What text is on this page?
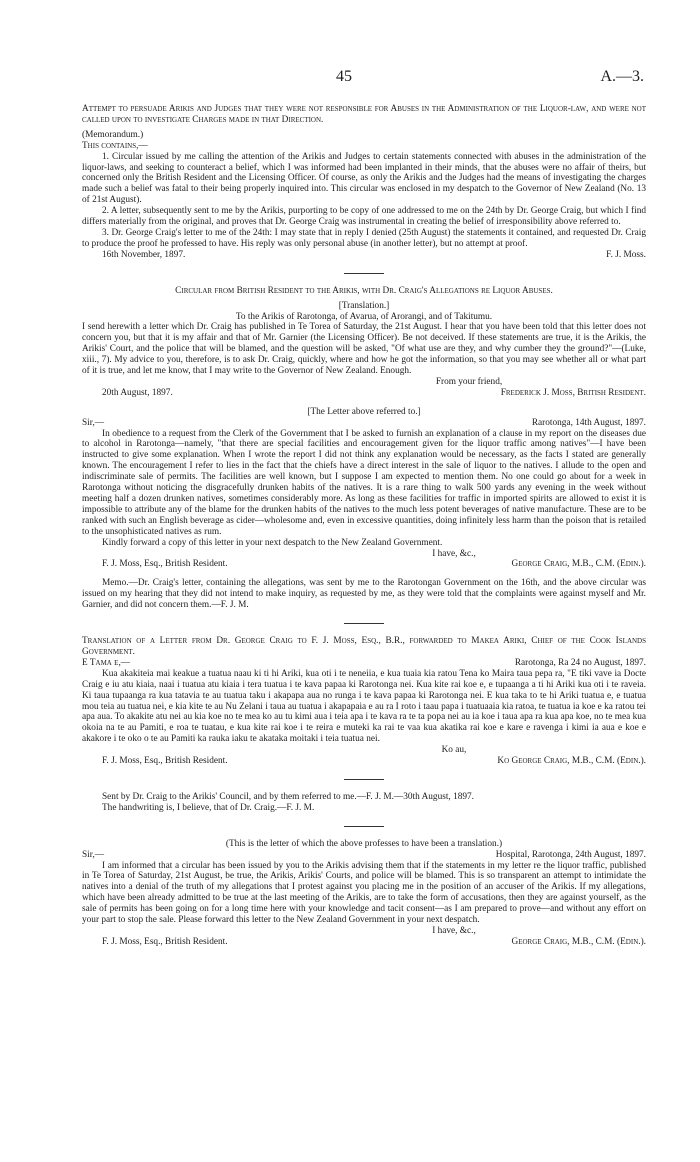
45	A.—3.

Attempt to persuade Arikis and Judges that they were not responsible for Abuses in the Administration of the Liquor-law, and were not called upon to investigate Charges made in that Direction.

(Memorandum.)

This contains,—

1. Circular issued by me calling the attention of the Arikis and Judges to certain statements connected with abuses in the administration of the liquor-laws, and seeking to counteract a belief, which I was informed had been implanted in their minds, that the abuses were no affair of theirs, but concerned only the British Resident and the Licensing Officer. Of course, as only the Arikis and the Judges had the means of investigating the charges made such a belief was fatal to their being properly inquired into. This circular was enclosed in my despatch to the Governor of New Zealand (No. 13 of 21st August).

2. A letter, subsequently sent to me by the Arikis, purporting to be copy of one addressed to me on the 24th by Dr. George Craig, but which I find differs materially from the original, and proves that Dr. George Craig was instrumental in creating the belief of irresponsibility above referred to.

3. Dr. George Craig's letter to me of the 24th: I may state that in reply I denied (25th August) the statements it contained, and requested Dr. Craig to produce the proof he professed to have. His reply was only personal abuse (in another letter), but no attempt at proof.

16th November, 1897.	F. J. Moss.

Circular from British Resident to the Arikis, with Dr. Craig's Allegations re Liquor Abuses.

[Translation.]

To the Arikis of Rarotonga, of Avarua, of Arorangi, and of Takitumu.

I send herewith a letter which Dr. Craig has published in Te Torea of Saturday, the 21st August. I hear that you have been told that this letter does not concern you, but that it is my affair and that of Mr. Garnier (the Licensing Officer). Be not deceived. If these statements are true, it is the Arikis, the Arikis' Court, and the police that will be blamed, and the question will be asked, "Of what use are they, and why cumber they the ground?"—(Luke, xiii., 7). My advice to you, therefore, is to ask Dr. Craig, quickly, where and how he got the information, so that you may see whether all or what part of it is true, and let me know, that I may write to the Governor of New Zealand. Enough.

From your friend,

20th August, 1897.	Frederick J. Moss, British Resident.

[The Letter above referred to.]

Sir,—	Rarotonga, 14th August, 1897.

In obedience to a request from the Clerk of the Government that I be asked to furnish an explanation of a clause in my report on the diseases due to alcohol in Rarotonga—namely, "that there are special facilities and encouragement given for the liquor traffic among natives"—I have been instructed to give some explanation. When I wrote the report I did not think any explanation would be necessary, as the facts I stated are generally known. The encouragement I refer to lies in the fact that the chiefs have a direct interest in the sale of liquor to the natives. I allude to the open and indiscriminate sale of permits. The facilities are well known, but I suppose I am expected to mention them. No one could go about for a week in Rarotonga without noticing the disgracefully drunken habits of the natives. It is a rare thing to walk 500 yards any evening in the week without meeting half a dozen drunken natives, sometimes considerably more. As long as these facilities for traffic in imported spirits are allowed to exist it is impossible to attribute any of the blame for the drunken habits of the natives to the much less potent beverages of native manufacture. These are to be ranked with such an English beverage as cider—wholesome and, even in excessive quantities, doing infinitely less harm than the poison that is retailed to the unsophisticated natives as rum.

Kindly forward a copy of this letter in your next despatch to the New Zealand Government.

I have, &c.,

F. J. Moss, Esq., British Resident.	George Craig, M.B., C.M. (Edin.).

Memo.—Dr. Craig's letter, containing the allegations, was sent by me to the Rarotongan Government on the 16th, and the above circular was issued on my hearing that they did not intend to make inquiry, as requested by me, as they were told that the complaints were against myself and Mr. Garnier, and did not concern them.—F. J. M.

Translation of a Letter from Dr. George Craig to F. J. Moss, Esq., B.R., forwarded to Makea Ariki, Chief of the Cook Islands Government.

E Tama e,—	Rarotonga, Ra 24 no August, 1897.

Kua akakiteia mai keakue a tuatua naau ki ti hi Ariki, kua oti i te neneiia, e kua tuaia kia ratou Tena ko Maira taua pepa ra, "E tiki vave ia Docte Craig e iu atu kiaia, naai i tuatua atu kiaia i tera tuatua i te kava papaa ki Rarotonga nei. Kua kite rai koe e, e tupaanga a ti hi Ariki kua oti i te raveia. Ki taua tupaanga ra kua tatavia te au tuatua taku i akapapa aua no runga i te kava papaa ki Rarotonga nei. E kua taka to te hi Ariki tuatua e, e tuatua mou teia au tuatua nei, e kia kite te au Nu Zelani i taua au tuatua i akapapaia e au ra I roto i taau papa i tuatuaaia kia ratoa, te tuatua ia koe e ka ratou tei apa aua. To akakite atu nei au kia koe no te mea ko au tu kimi aua i teia apa i te kava ra te ta popa nei au ia koe i taua apa ra kua apa koe, no te mea kua okoia na te au Pamiti, e roa te tuatau, e kua kite rai koe i te reira e muteki ka rai te vaa kua akatika rai koe e kare e ravenga i kimi ia aua e koe e akakore i te oko o te au Pamiti ka rauka iaku te akataka moitaki i teia tuatua nei.

Ko au,

F. J. Moss, Esq., British Resident.	Ko George Craig, M.B., C.M. (Edin.).

Sent by Dr. Craig to the Arikis' Council, and by them referred to me.—F. J. M.—30th August, 1897.

The handwriting is, I believe, that of Dr. Craig.—F. J. M.

(This is the letter of which the above professes to have been a translation.)

Sir,—	Hospital, Rarotonga, 24th August, 1897.

I am informed that a circular has been issued by you to the Arikis advising them that if the statements in my letter re the liquor traffic, published in Te Torea of Saturday, 21st August, be true, the Arikis, Arikis' Courts, and police will be blamed. This is so transparent an attempt to intimidate the natives into a denial of the truth of my allegations that I protest against you placing me in the position of an accuser of the Arikis. If my allegations, which have been already admitted to be true at the last meeting of the Arikis, are to take the form of accusations, then they are against yourself, as the sale of permits has been going on for a long time here with your knowledge and tacit consent—as I am prepared to prove—and without any effort on your part to stop the sale. Please forward this letter to the New Zealand Government in your next despatch.

I have, &c.,

F. J. Moss, Esq., British Resident.	George Craig, M.B., C.M. (Edin.).
